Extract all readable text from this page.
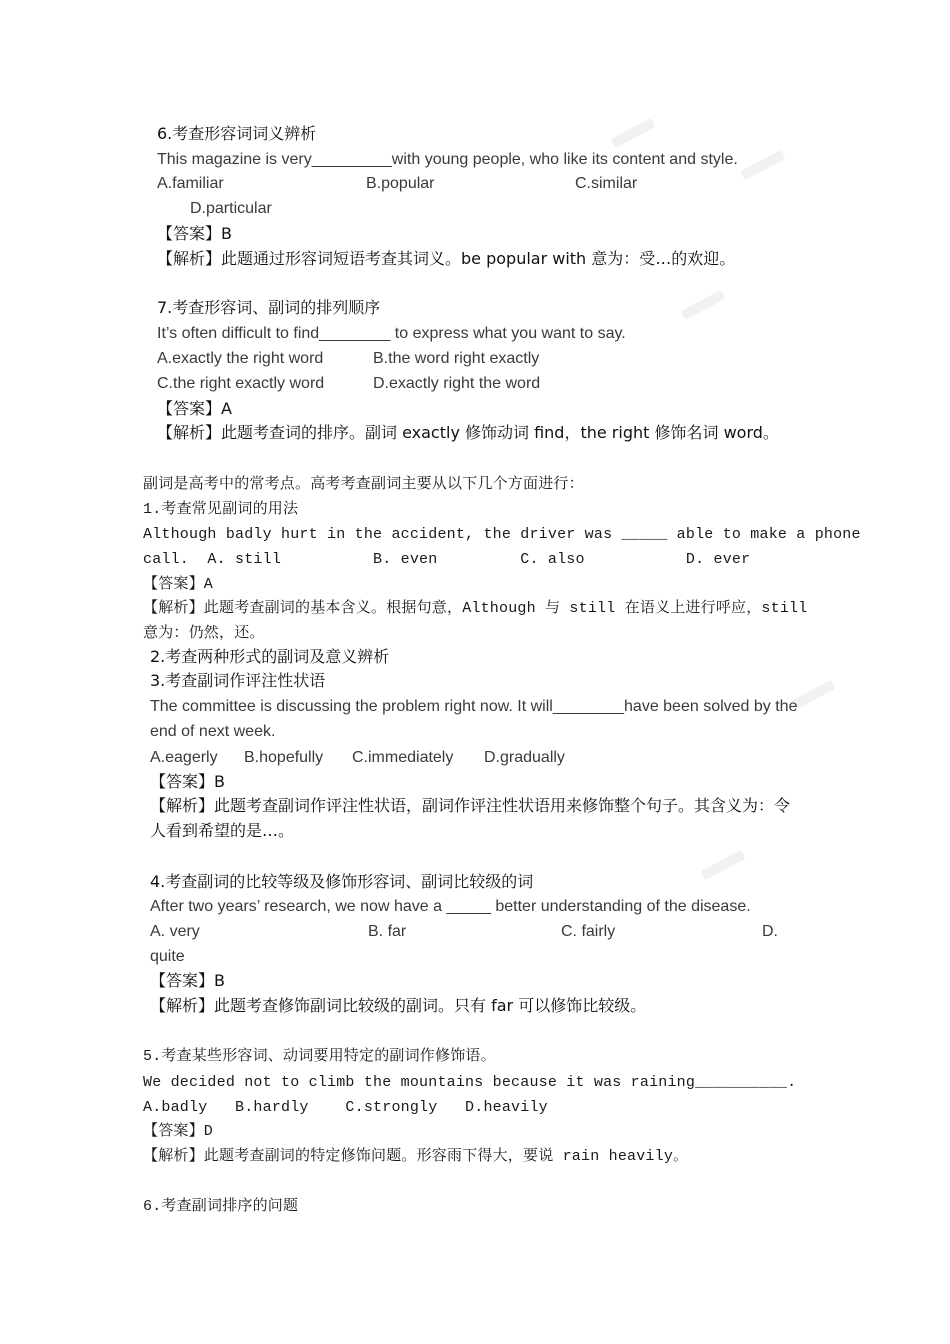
6.考查形容词词义辨析
This magazine is very_________with young people, who like its content and style.
A.familiar	B.popular	C.similar
D.particular
【答案】B
【解析】此题通过形容词短语考查其词义。be popular with 意为：受…的欢迎。
7.考查形容词、副词的排列顺序
It’s often difficult to find________ to express what you want to say.
A.exactly the right word	B.the word right exactly
C.the right exactly word	D.exactly right the word
【答案】A
【解析】此题考查词的排序。副词 exactly 修饰动词 find，the right 修饰名词 word。
副词是高考中的常考点。高考考查副词主要从以下几个方面进行：
1.考查常见副词的用法
Although badly hurt in the accident, the driver was _____ able to make a phone
call.  A. still          B. even         C. also           D. ever
【答案】A
【解析】此题考查副词的基本含义。根据句意，Although 与 still 在语义上进行呼应，still
意为：仍然，还。
2.考查两种形式的副词及意义辨析
3.考查副词作评注性状语
The committee is discussing the problem right now. It will________have been solved by the
end of next week.
A.eagerly B.hopefully C.immediately D.gradually
【答案】B
【解析】此题考查副词作评注性状语，副词作评注性状语用来修饰整个句子。其含义为：令
人看到希望的是…。
4.考查副词的比较等级及修饰形容词、副词比较级的词
After two years’ research, we now have a _____ better understanding of the disease.
A. very	B. far	C. fairly	D.
quite
【答案】B
【解析】此题考查修饰副词比较级的副词。只有 far 可以修饰比较级。
5.考查某些形容词、动词要用特定的副词作修饰语。
We decided not to climb the mountains because it was raining__________.
A.badly   B.hardly    C.strongly   D.heavily
【答案】D
【解析】此题考查副词的特定修饰问题。形容雨下得大，要说 rain heavily。
6.考查副词排序的问题
